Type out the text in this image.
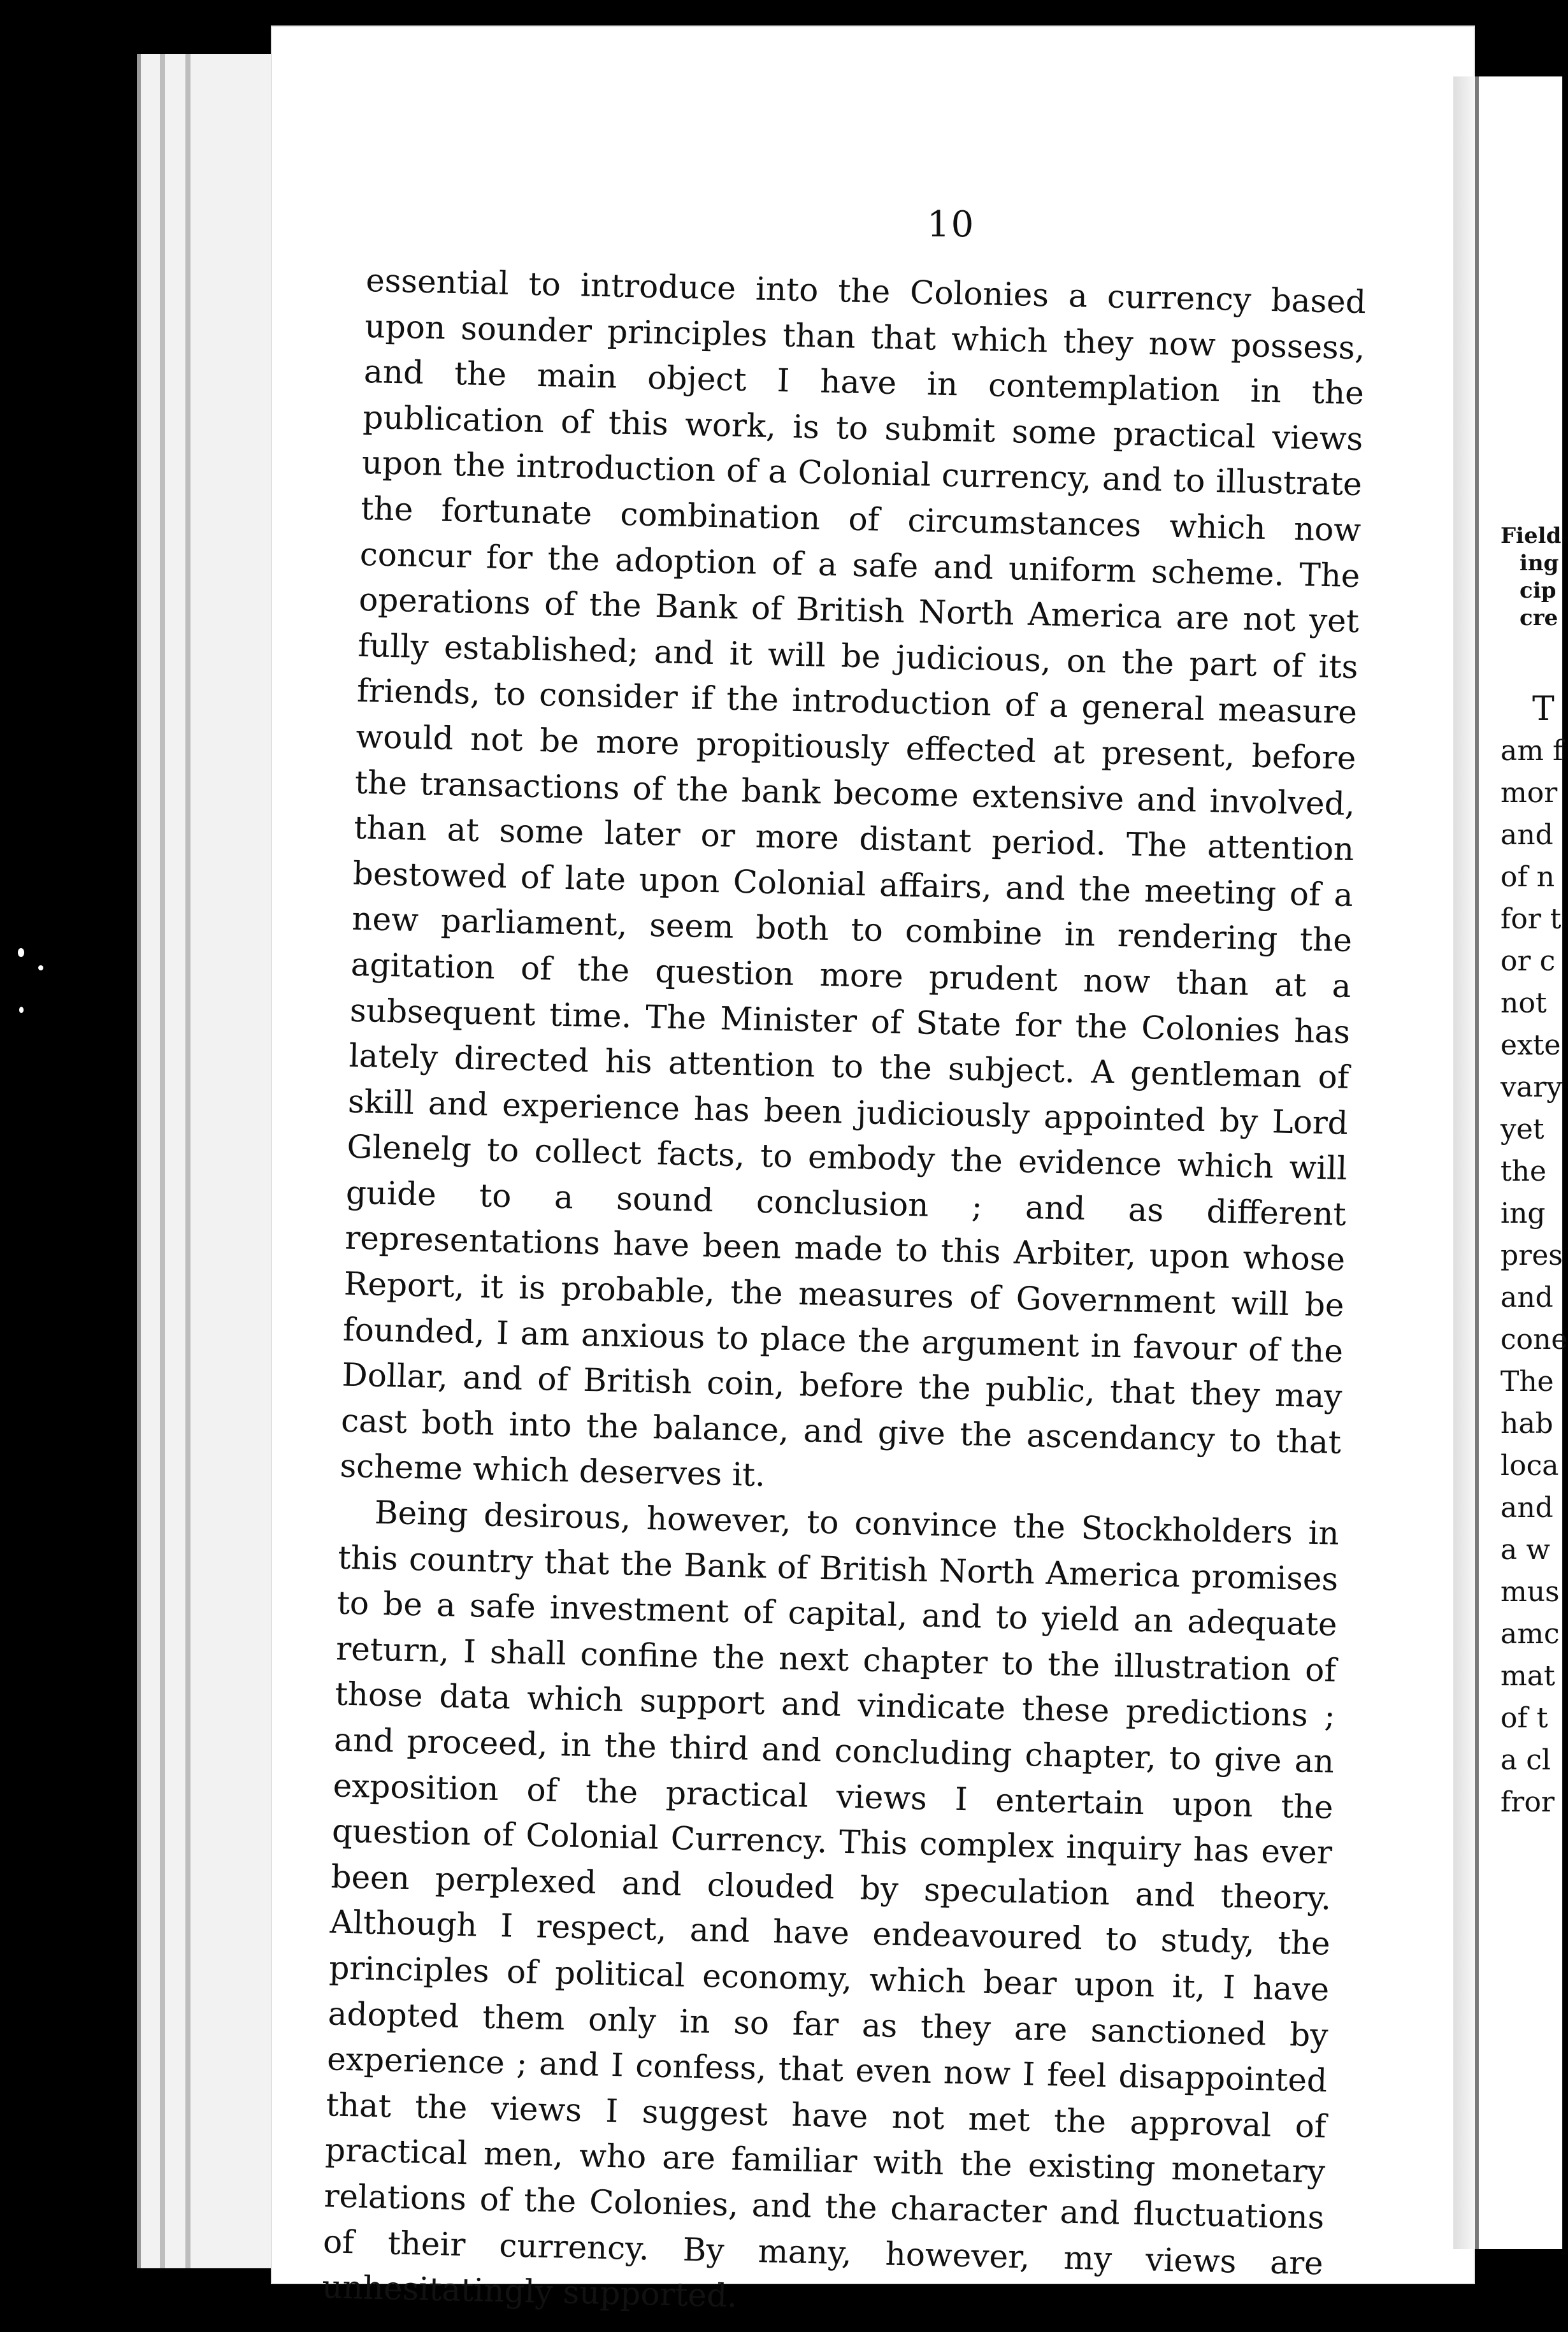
10

essential to introduce into the Colonies a currency based upon sounder principles than that which they now possess, and the main object I have in contemplation in the publication of this work, is to submit some practical views upon the introduction of a Colonial currency, and to illustrate the fortunate combination of circumstances which now concur for the adoption of a safe and uniform scheme. The operations of the Bank of British North America are not yet fully established; and it will be judicious, on the part of its friends, to consider if the introduction of a general measure would not be more propitiously effected at present, before the transactions of the bank become extensive and involved, than at some later or more distant period. The attention bestowed of late upon Colonial affairs, and the meeting of a new parliament, seem both to combine in rendering the agitation of the question more prudent now than at a subsequent time. The Minister of State for the Colonies has lately directed his attention to the subject. A gentleman of skill and experience has been judiciously appointed by Lord Glenelg to collect facts, to embody the evidence which will guide to a sound conclusion ; and as different representations have been made to this Arbiter, upon whose Report, it is probable, the measures of Government will be founded, I am anxious to place the argument in favour of the Dollar, and of British coin, before the public, that they may cast both into the balance, and give the ascendancy to that scheme which deserves it.

Being desirous, however, to convince the Stockholders in this country that the Bank of British North America promises to be a safe investment of capital, and to yield an adequate return, I shall confine the next chapter to the illustration of those data which support and vindicate these predictions ; and proceed, in the third and concluding chapter, to give an exposition of the practical views I entertain upon the question of Colonial Currency. This complex inquiry has ever been perplexed and clouded by speculation and theory. Although I respect, and have endeavoured to study, the principles of political economy, which bear upon it, I have adopted them only in so far as they are sanctioned by experience ; and I confess, that even now I feel disappointed that the views I suggest have not met the approval of practical men, who are familiar with the existing monetary relations of the Colonies, and the character and fluctuations of their currency. By many, however, my views are unhesitatingly supported.

Field
ing
cip
cre
T
am f
mor
and
of n
for t
or c
not
exte
vary
yet
the
ing
pres
and
cone
The
hab
loca
and
a w
mus
amc
mat
of t
a cl
fror
